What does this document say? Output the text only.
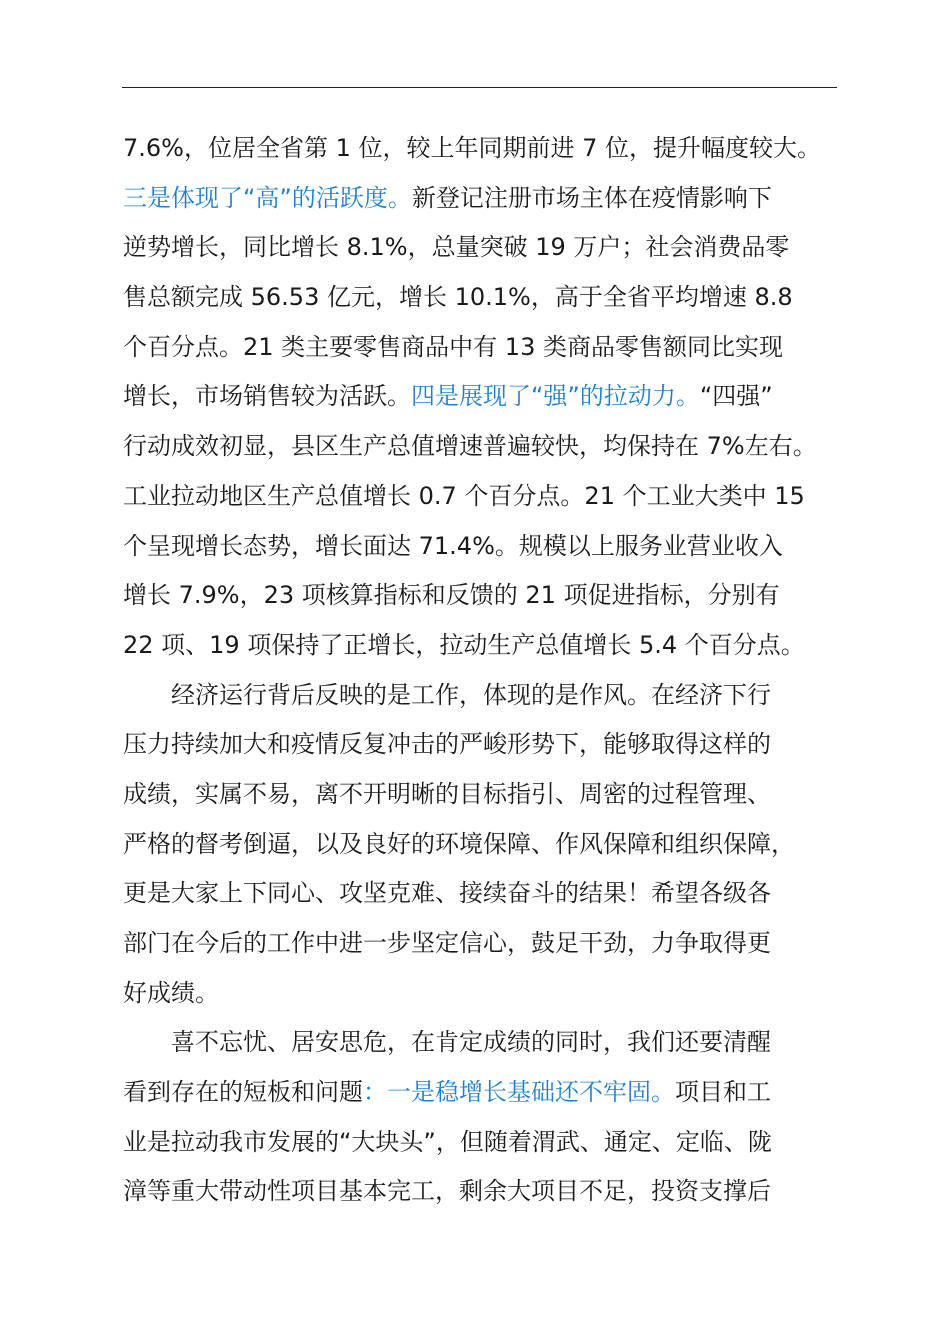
7.6%，位居全省第 1 位，较上年同期前进 7 位，提升幅度较大。
三是体现了“高”的活跃度。新登记注册市场主体在疫情影响下
逆势增长，同比增长 8.1%，总量突破 19 万户；社会消费品零
售总额完成 56.53 亿元，增长 10.1%，高于全省平均增速 8.8
个百分点。21 类主要零售商品中有 13 类商品零售额同比实现
增长，市场销售较为活跃。四是展现了“强”的拉动力。“四强”
行动成效初显，县区生产总值增速普遍较快，均保持在 7%左右。
工业拉动地区生产总值增长 0.7 个百分点。21 个工业大类中 15
个呈现增长态势，增长面达 71.4%。规模以上服务业营业收入
增长 7.9%，23 项核算指标和反馈的 21 项促进指标，分别有
22 项、19 项保持了正增长，拉动生产总值增长 5.4 个百分点。
经济运行背后反映的是工作，体现的是作风。在经济下行
压力持续加大和疫情反复冲击的严峻形势下，能够取得这样的
成绩，实属不易，离不开明晰的目标指引、周密的过程管理、
严格的督考倒逼，以及良好的环境保障、作风保障和组织保障，
更是大家上下同心、攻坚克难、接续奋斗的结果！希望各级各
部门在今后的工作中进一步坚定信心，鼓足干劲，力争取得更
好成绩。
喜不忘忧、居安思危，在肯定成绩的同时，我们还要清醒
看到存在的短板和问题：一是稳增长基础还不牢固。项目和工
业是拉动我市发展的“大块头”，但随着渭武、通定、定临、陇
漳等重大带动性项目基本完工，剩余大项目不足，投资支撑后
